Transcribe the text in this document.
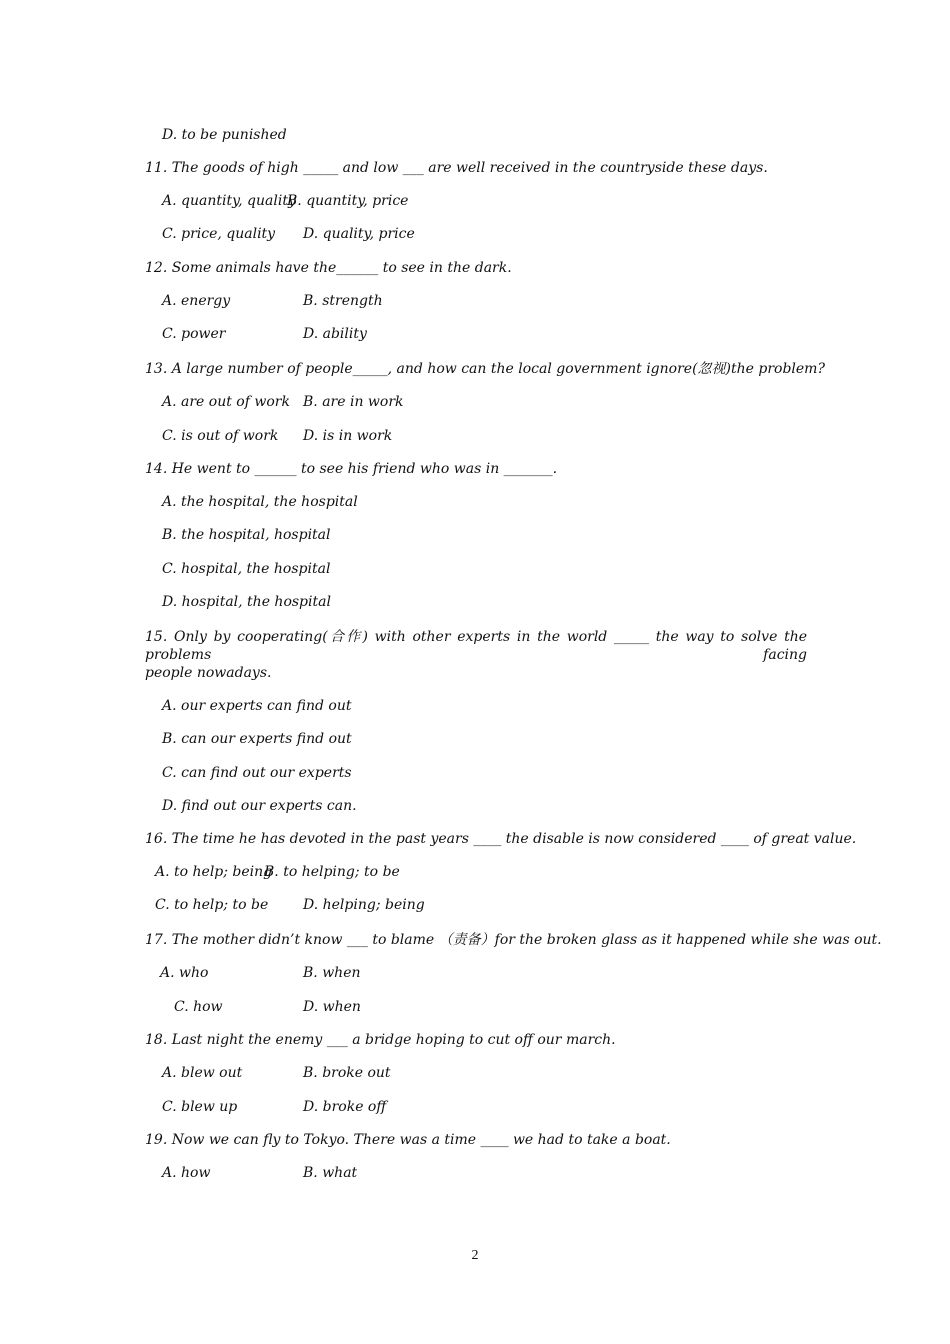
D. to be punished
11. The goods of high _____ and low ___ are well received in the countryside these days.
A. quantity, quality
B. quantity, price
C. price, quality D. quality, price
12. Some animals have the______ to see in the dark.
A. energy	B. strength
C. power	D. ability
13. A large number of people_____, and how can the local government ignore(忽视)the problem?
A. are out of work B. are in work
C. is out of work D. is in work
14. He went to ______ to see his friend who was in _______.
A. the hospital, the hospital
B. the hospital, hospital
C. hospital, the hospital
D. hospital, the hospital
15. Only by cooperating(合作) with other experts in the world _____ the way to solve the problems facing
people nowadays.
A. our experts can find out
B. can our experts find out
C. can find out our experts
D. find out our experts can.
16. The time he has devoted in the past years ____ the disable is now considered ____ of great value.
A. to help; being
B. to helping; to be
C. to help; to be D. helping; being
17. The mother didn’t know ___ to blame （责备）for the broken glass as it happened while she was out.
A. who	B. when
C. how	D. when
18. Last night the enemy ___ a bridge hoping to cut off our march.
A. blew out	B. broke out
C. blew up	D. broke off
19. Now we can fly to Tokyo. There was a time ____ we had to take a boat.
A. how	B. what
2
